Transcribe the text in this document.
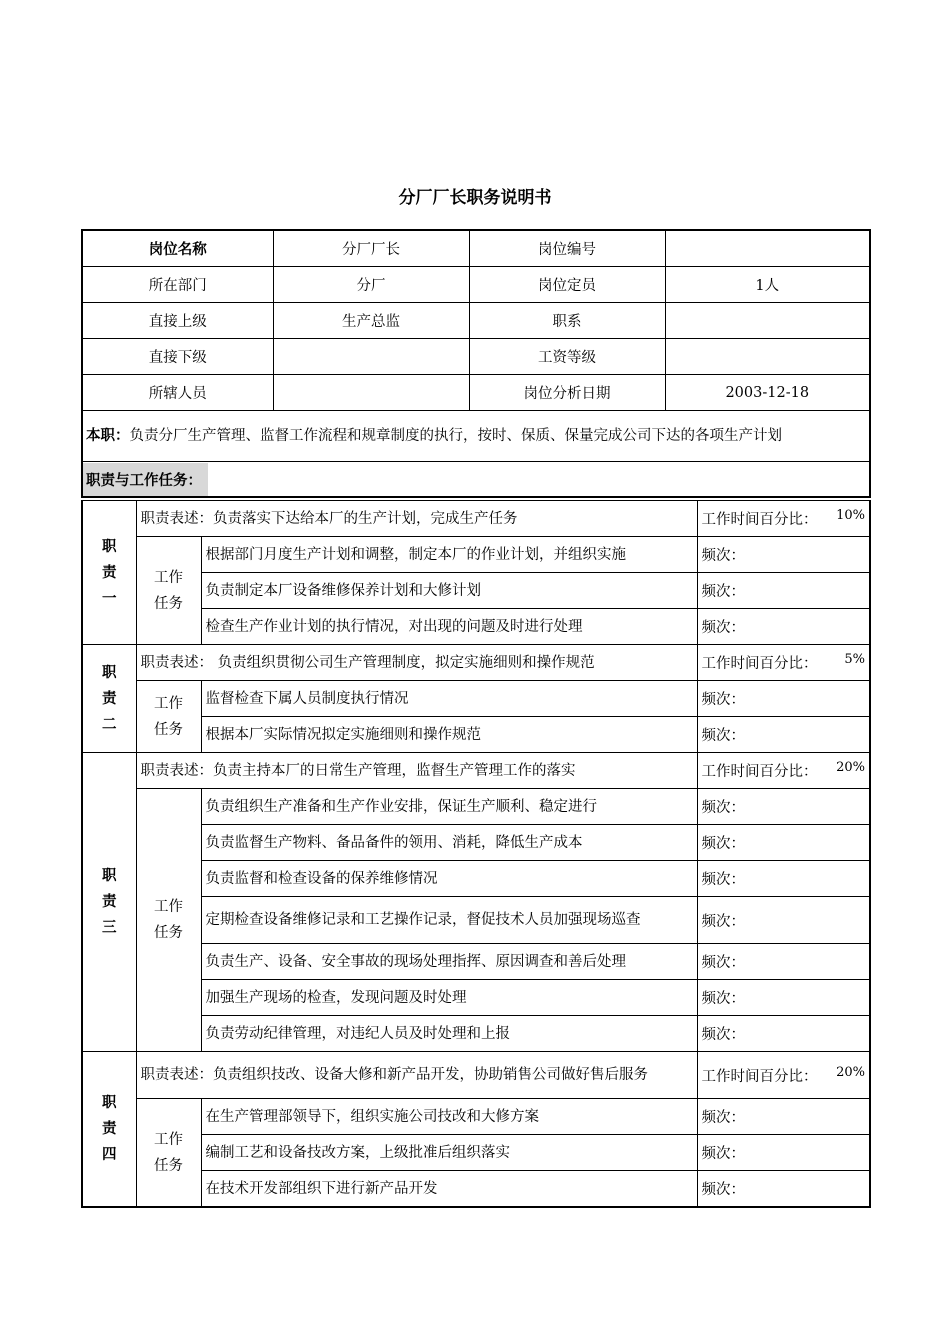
分厂厂长职务说明书
岗位名称	分厂厂长	岗位编号	
所在部门	分厂	岗位定员	1人
直接上级	生产总监	职系	
直接下级		工资等级	
所辖人员		岗位分析日期	2003-12-18
本职：负责分厂生产管理、监督工作流程和规章制度的执行，按时、保质、保量完成公司下达的各项生产计划			
职责与工作任务：			
职
责
一	职责表述：负责落实下达给本厂的生产计划，完成生产任务		工作时间百分比： 10%

	工作
任务	根据部门月度生产计划和调整，制定本厂的作业计划，并组织实施	频次：
		负责制定本厂设备维修保养计划和大修计划	频次：
		检查生产作业计划的执行情况，对出现的问题及时进行处理	频次：

职
责
二	职责表述： 负责组织贯彻公司生产管理制度，拟定实施细则和操作规范		工作时间百分比： 5%

	工作
任务	监督检查下属人员制度执行情况	频次：
		根据本厂实际情况拟定实施细则和操作规范	频次：

职
责
三	职责表述：负责主持本厂的日常生产管理，监督生产管理工作的落实		工作时间百分比： 20%

	工作
任务	负责组织生产准备和生产作业安排，保证生产顺利、稳定进行	频次：
		负责监督生产物料、备品备件的领用、消耗，降低生产成本	频次：
		负责监督和检查设备的保养维修情况	频次：
		定期检查设备维修记录和工艺操作记录，督促技术人员加强现场巡查	频次：
		负责生产、设备、安全事故的现场处理指挥、原因调查和善后处理	频次：
		加强生产现场的检查，发现问题及时处理	频次：
		负责劳动纪律管理，对违纪人员及时处理和上报	频次：

职
责
四	职责表述：负责组织技改、设备大修和新产品开发，协助销售公司做好售后服务		工作时间百分比： 20%

	工作
任务	在生产管理部领导下，组织实施公司技改和大修方案	频次：
		编制工艺和设备技改方案，上级批准后组织落实	频次：
		在技术开发部组织下进行新产品开发	频次：
